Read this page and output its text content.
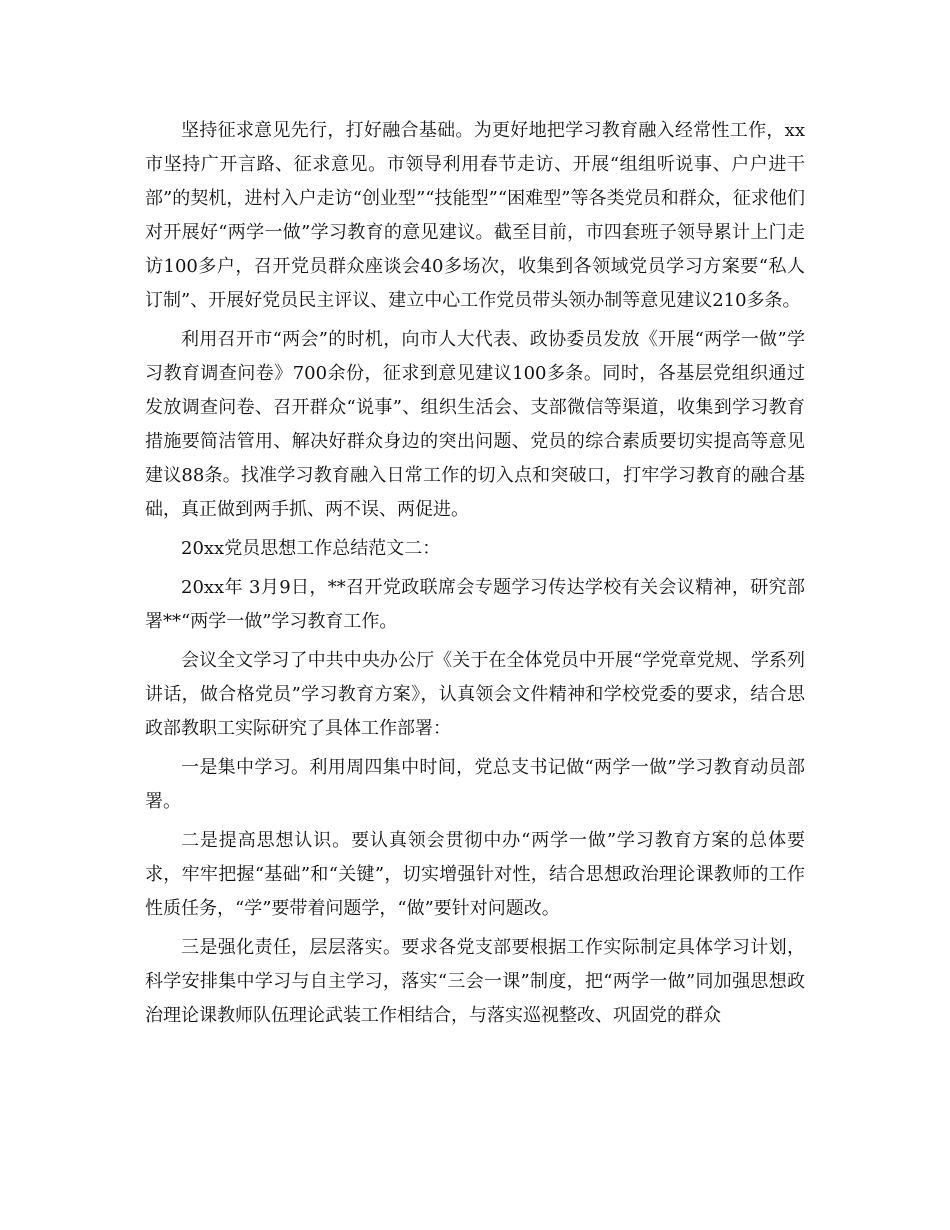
坚持征求意见先行，打好融合基础。为更好地把学习教育融入经常性工作，xx市坚持广开言路、征求意见。市领导利用春节走访、开展“组组听说事、户户进干部”的契机，进村入户走访“创业型”“技能型”“困难型”等各类党员和群众，征求他们对开展好“两学一做”学习教育的意见建议。截至目前，市四套班子领导累计上门走访100多户，召开党员群众座谈会40多场次，收集到各领域党员学习方案要“私人订制”、开展好党员民主评议、建立中心工作党员带头领办制等意见建议210多条。

利用召开市“两会”的时机，向市人大代表、政协委员发放《开展“两学一做”学习教育调查问卷》700余份，征求到意见建议100多条。同时，各基层党组织通过发放调查问卷、召开群众“说事”、组织生活会、支部微信等渠道，收集到学习教育措施要简洁管用、解决好群众身边的突出问题、党员的综合素质要切实提高等意见建议88条。找准学习教育融入日常工作的切入点和突破口，打牢学习教育的融合基础，真正做到两手抓、两不误、两促进。

20xx党员思想工作总结范文二：

20xx年 3月9日，**召开党政联席会专题学习传达学校有关会议精神，研究部署**“两学一做”学习教育工作。

会议全文学习了中共中央办公厅《关于在全体党员中开展“学党章党规、学系列讲话，做合格党员”学习教育方案》，认真领会文件精神和学校党委的要求，结合思政部教职工实际研究了具体工作部署：

一是集中学习。利用周四集中时间，党总支书记做“两学一做”学习教育动员部署。

二是提高思想认识。要认真领会贯彻中办“两学一做”学习教育方案的总体要求，牢牢把握“基础”和“关键”，切实增强针对性，结合思想政治理论课教师的工作性质任务，“学”要带着问题学，“做”要针对问题改。

三是强化责任，层层落实。要求各党支部要根据工作实际制定具体学习计划，科学安排集中学习与自主学习，落实“三会一课”制度，把“两学一做”同加强思想政治理论课教师队伍理论武装工作相结合，与落实巡视整改、巩固党的群众
